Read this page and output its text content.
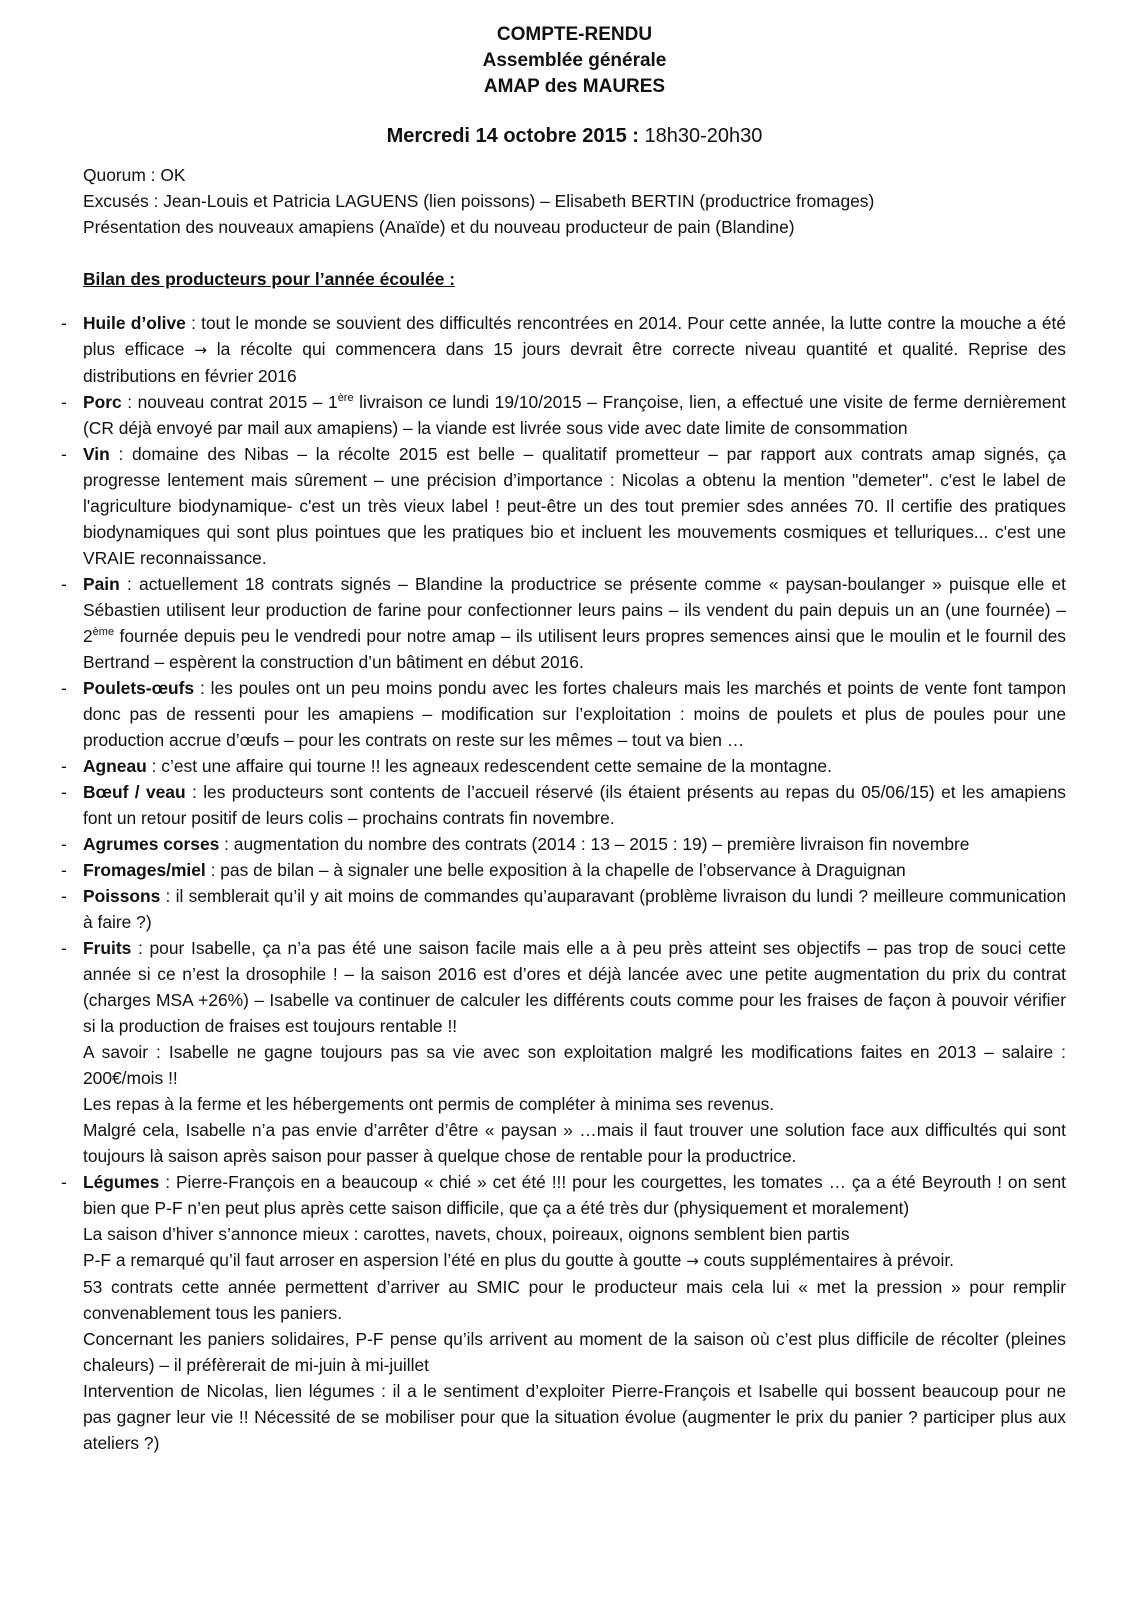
COMPTE-RENDU
Assemblée générale
AMAP des MAURES
Mercredi 14 octobre 2015 : 18h30-20h30
Quorum : OK
Excusés : Jean-Louis et Patricia LAGUENS (lien poissons) – Elisabeth BERTIN (productrice fromages)
Présentation des nouveaux amapiens (Anaïde) et du nouveau producteur de pain (Blandine)
Bilan des producteurs pour l’année écoulée :
- Huile d’olive : tout le monde se souvient des difficultés rencontrées en 2014. Pour cette année, la lutte contre la mouche a été plus efficace → la récolte qui commencera dans 15 jours devrait être correcte niveau quantité et qualité. Reprise des distributions en février 2016
- Porc : nouveau contrat 2015 – 1ère livraison ce lundi 19/10/2015 – Françoise, lien, a effectué une visite de ferme dernièrement (CR déjà envoyé par mail aux amapiens) – la viande est livrée sous vide avec date limite de consommation
- Vin : domaine des Nibas – la récolte 2015 est belle – qualitatif prometteur – par rapport aux contrats amap signés, ça progresse lentement mais sûrement – une précision d’importance : Nicolas a obtenu la mention "demeter". c'est le label de l'agriculture biodynamique- c'est un très vieux label ! peut-être un des tout premier sdes années 70. Il certifie des pratiques biodynamiques qui sont plus pointues que les pratiques bio et incluent les mouvements cosmiques et telluriques... c'est une VRAIE reconnaissance.
- Pain : actuellement 18 contrats signés – Blandine la productrice se présente comme « paysan-boulanger » puisque elle et Sébastien utilisent leur production de farine pour confectionner leurs pains – ils vendent du pain depuis un an (une fournée) – 2ème fournée depuis peu le vendredi pour notre amap – ils utilisent leurs propres semences ainsi que le moulin et le fournil des Bertrand – espèrent la construction d’un bâtiment en début 2016.
- Poulets-œufs : les poules ont un peu moins pondu avec les fortes chaleurs mais les marchés et points de vente font tampon donc pas de ressenti pour les amapiens – modification sur l’exploitation : moins de poulets et plus de poules pour une production accrue d’œufs – pour les contrats on reste sur les mêmes – tout va bien …
- Agneau : c’est une affaire qui tourne !! les agneaux redescendent cette semaine de la montagne.
- Bœuf / veau : les producteurs sont contents de l’accueil réservé (ils étaient présents au repas du 05/06/15) et les amapiens font un retour positif de leurs colis – prochains contrats fin novembre.
- Agrumes corses : augmentation du nombre des contrats (2014 : 13 – 2015 : 19) – première livraison fin novembre
- Fromages/miel : pas de bilan – à signaler une belle exposition à la chapelle de l’observance à Draguignan
- Poissons : il semblerait qu’il y ait moins de commandes qu’auparavant (problème livraison du lundi ? meilleure communication à faire ?)
- Fruits : pour Isabelle, ça n’a pas été une saison facile mais elle a à peu près atteint ses objectifs – pas trop de souci cette année si ce n’est la drosophile ! – la saison 2016 est d’ores et déjà lancée avec une petite augmentation du prix du contrat (charges MSA +26%) – Isabelle va continuer de calculer les différents couts comme pour les fraises de façon à pouvoir vérifier si la production de fraises est toujours rentable !!

A savoir : Isabelle ne gagne toujours pas sa vie avec son exploitation malgré les modifications faites en 2013 – salaire : 200€/mois !!

Les repas à la ferme et les hébergements ont permis de compléter à minima ses revenus.

Malgré cela, Isabelle n’a pas envie d’arrêter d’être « paysan » …mais il faut trouver une solution face aux difficultés qui sont toujours là saison après saison pour passer à quelque chose de rentable pour la productrice.

- Légumes : Pierre-François en a beaucoup « chié » cet été !!! pour les courgettes, les tomates … ça a été Beyrouth ! on sent bien que P-F n’en peut plus après cette saison difficile, que ça a été très dur (physiquement et moralement)

La saison d’hiver s’annonce mieux : carottes, navets, choux, poireaux, oignons semblent bien partis

P-F a remarqué qu’il faut arroser en aspersion l’été en plus du goutte à goutte → couts supplémentaires à prévoir.

53 contrats cette année permettent d’arriver au SMIC pour le producteur mais cela lui « met la pression » pour remplir convenablement tous les paniers.

Concernant les paniers solidaires, P-F pense qu’ils arrivent au moment de la saison où c’est plus difficile de récolter (pleines chaleurs) – il préfèrerait de mi-juin à mi-juillet

Intervention de Nicolas, lien légumes : il a le sentiment d’exploiter Pierre-François et Isabelle qui bossent beaucoup pour ne pas gagner leur vie !! Nécessité de se mobiliser pour que la situation évolue (augmenter le prix du panier ? participer plus aux ateliers ?)
